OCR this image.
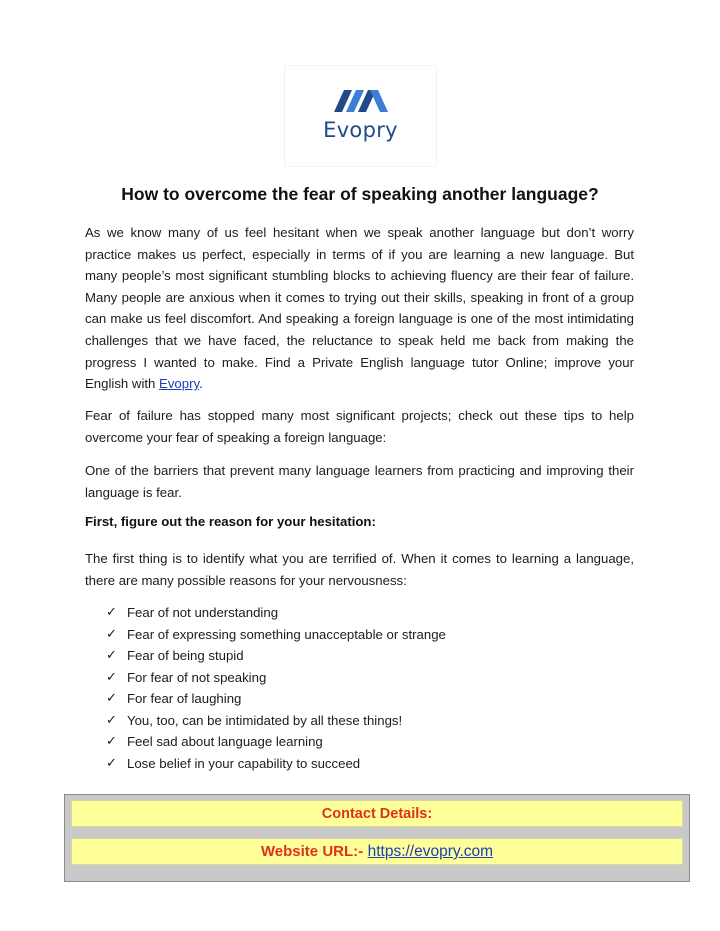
Evopry
How to overcome the fear of speaking another language?
As we know many of us feel hesitant when we speak another language but don’t worry practice makes us perfect, especially in terms of if you are learning a new language. But many people’s most significant stumbling blocks to achieving fluency are their fear of failure. Many people are anxious when it comes to trying out their skills, speaking in front of a group can make us feel discomfort. And speaking a foreign language is one of the most intimidating challenges that we have faced, the reluctance to speak held me back from making the progress I wanted to make. Find a Private English language tutor Online; improve your English with Evopry.
Fear of failure has stopped many most significant projects; check out these tips to help overcome your fear of speaking a foreign language:
One of the barriers that prevent many language learners from practicing and improving their language is fear.
First, figure out the reason for your hesitation:
The first thing is to identify what you are terrified of. When it comes to learning a language, there are many possible reasons for your nervousness:
✓ Fear of not understanding
✓ Fear of expressing something unacceptable or strange
✓ Fear of being stupid
✓ For fear of not speaking
✓ For fear of laughing
✓ You, too, can be intimidated by all these things!
✓ Feel sad about language learning
✓ Lose belief in your capability to succeed
Contact Details:
Website URL:- https://evopry.com
